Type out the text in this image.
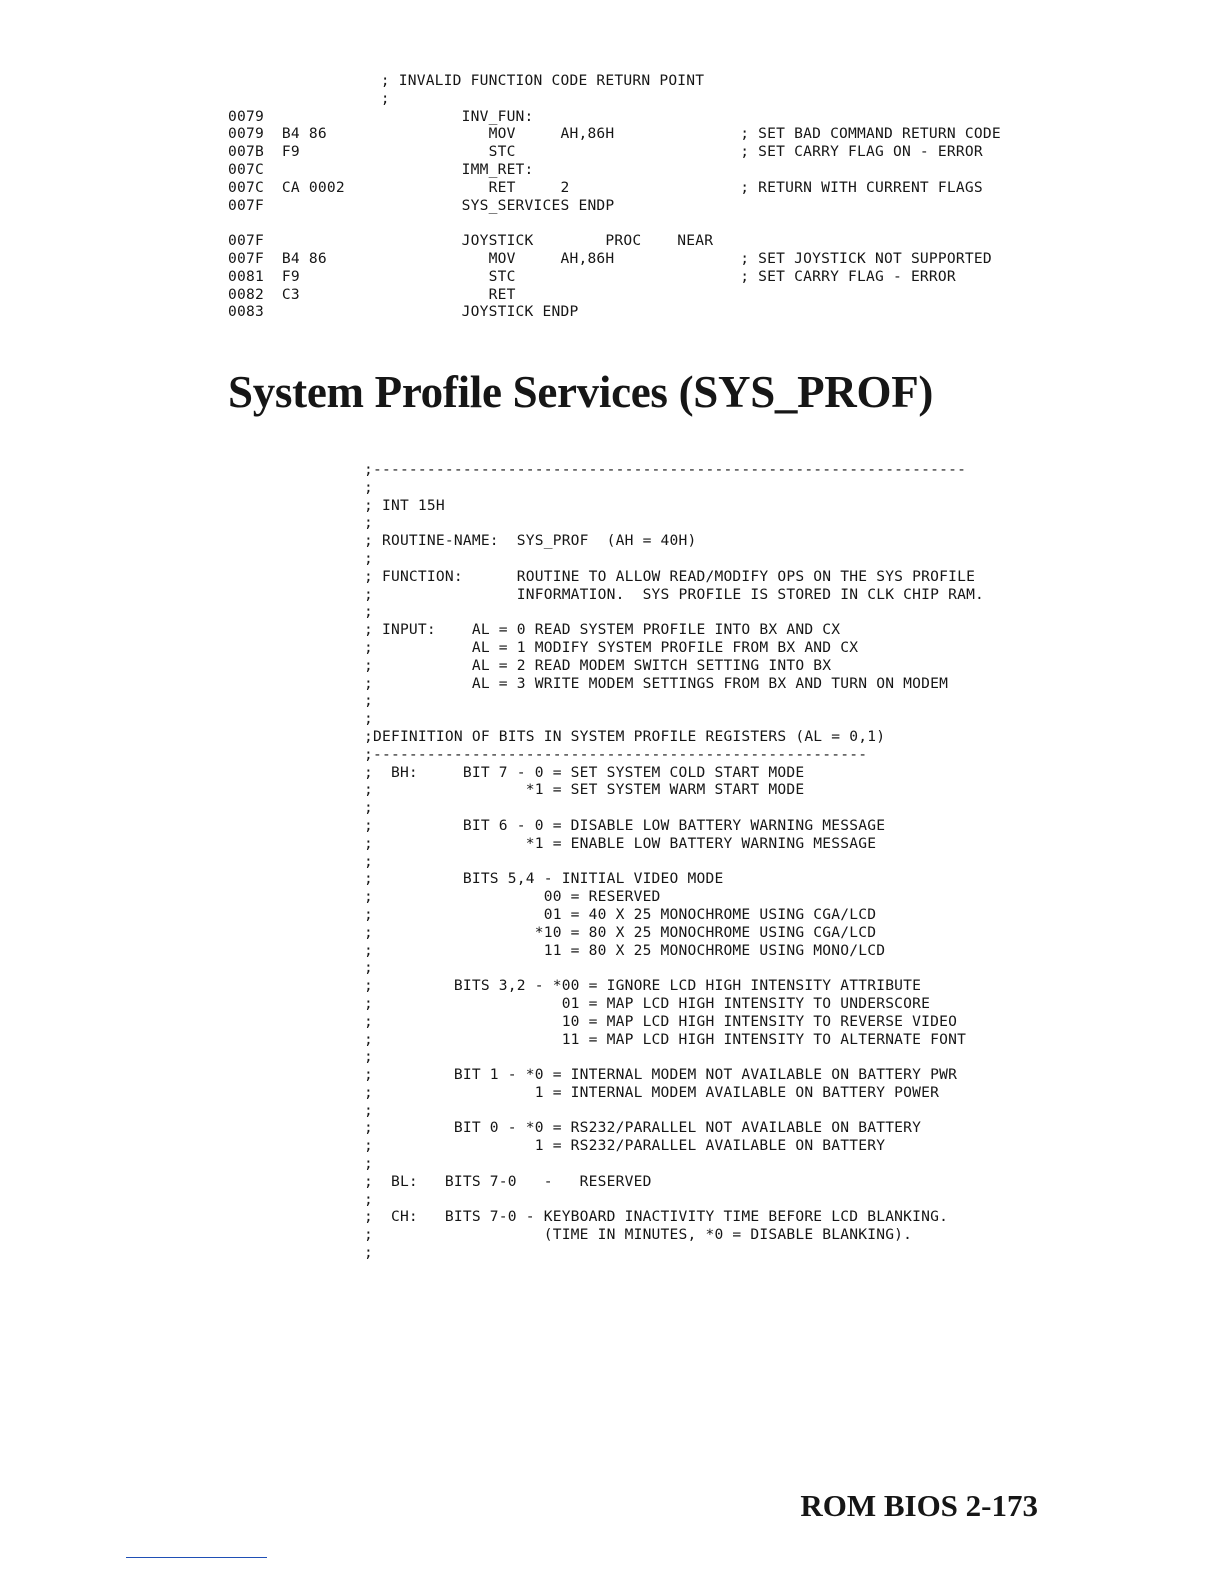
; INVALID FUNCTION CODE RETURN POINT
;
0079                      INV_FUN:
0079  B4 86                  MOV     AH,86H              ; SET BAD COMMAND RETURN CODE
007B  F9                     STC                         ; SET CARRY FLAG ON - ERROR
007C                      IMM_RET:
007C  CA 0002                RET     2                   ; RETURN WITH CURRENT FLAGS
007F                      SYS_SERVICES ENDP

007F                      JOYSTICK        PROC    NEAR
007F  B4 86                  MOV     AH,86H              ; SET JOYSTICK NOT SUPPORTED
0081  F9                     STC                         ; SET CARRY FLAG - ERROR
0082  C3                     RET
0083                      JOYSTICK ENDP
System Profile Services (SYS_PROF)
;------------------------------------------------------------------
;
; INT 15H
;
; ROUTINE-NAME:  SYS_PROF  (AH = 40H)
;
; FUNCTION:      ROUTINE TO ALLOW READ/MODIFY OPS ON THE SYS PROFILE
;                INFORMATION.  SYS PROFILE IS STORED IN CLK CHIP RAM.
;
; INPUT:    AL = 0 READ SYSTEM PROFILE INTO BX AND CX
;           AL = 1 MODIFY SYSTEM PROFILE FROM BX AND CX
;           AL = 2 READ MODEM SWITCH SETTING INTO BX
;           AL = 3 WRITE MODEM SETTINGS FROM BX AND TURN ON MODEM
;
;
;DEFINITION OF BITS IN SYSTEM PROFILE REGISTERS (AL = 0,1)
;-------------------------------------------------------
;  BH:     BIT 7 - 0 = SET SYSTEM COLD START MODE
;                 *1 = SET SYSTEM WARM START MODE
;
;          BIT 6 - 0 = DISABLE LOW BATTERY WARNING MESSAGE
;                 *1 = ENABLE LOW BATTERY WARNING MESSAGE
;
;          BITS 5,4 - INITIAL VIDEO MODE
;                   00 = RESERVED
;                   01 = 40 X 25 MONOCHROME USING CGA/LCD
;                  *10 = 80 X 25 MONOCHROME USING CGA/LCD
;                   11 = 80 X 25 MONOCHROME USING MONO/LCD
;
;         BITS 3,2 - *00 = IGNORE LCD HIGH INTENSITY ATTRIBUTE
;                     01 = MAP LCD HIGH INTENSITY TO UNDERSCORE
;                     10 = MAP LCD HIGH INTENSITY TO REVERSE VIDEO
;                     11 = MAP LCD HIGH INTENSITY TO ALTERNATE FONT
;
;         BIT 1 - *0 = INTERNAL MODEM NOT AVAILABLE ON BATTERY PWR
;                  1 = INTERNAL MODEM AVAILABLE ON BATTERY POWER
;
;         BIT 0 - *0 = RS232/PARALLEL NOT AVAILABLE ON BATTERY
;                  1 = RS232/PARALLEL AVAILABLE ON BATTERY
;
;  BL:   BITS 7-0   -   RESERVED
;
;  CH:   BITS 7-0 - KEYBOARD INACTIVITY TIME BEFORE LCD BLANKING.
;                   (TIME IN MINUTES, *0 = DISABLE BLANKING).
;
ROM BIOS 2-173
